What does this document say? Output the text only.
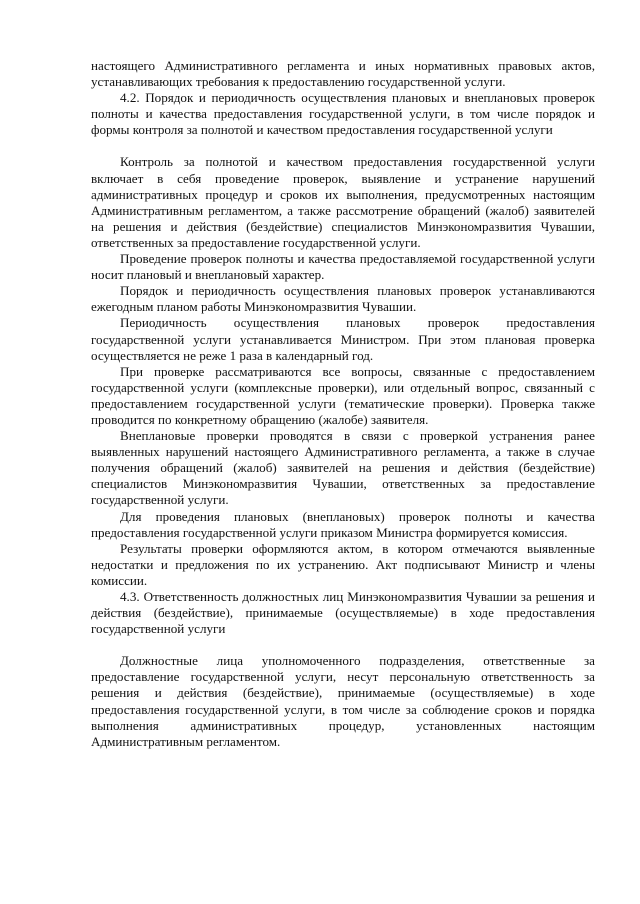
настоящего Административного регламента и иных нормативных правовых актов, устанавливающих требования к предоставлению государственной услуги.

4.2. Порядок и периодичность осуществления плановых и внеплановых проверок полноты и качества предоставления государственной услуги, в том числе порядок и формы контроля за полнотой и качеством предоставления государственной услуги

Контроль за полнотой и качеством предоставления государственной услуги включает в себя проведение проверок, выявление и устранение нарушений административных процедур и сроков их выполнения, предусмотренных настоящим Административным регламентом, а также рассмотрение обращений (жалоб) заявителей на решения и действия (бездействие) специалистов Минэкономразвития Чувашии, ответственных за предоставление государственной услуги.

Проведение проверок полноты и качества предоставляемой государственной услуги носит плановый и внеплановый характер.

Порядок и периодичность осуществления плановых проверок устанавливаются ежегодным планом работы Минэкономразвития Чувашии.

Периодичность осуществления плановых проверок предоставления государственной услуги устанавливается Министром. При этом плановая проверка осуществляется не реже 1 раза в календарный год.

При проверке рассматриваются все вопросы, связанные с предоставлением государственной услуги (комплексные проверки), или отдельный вопрос, связанный с предоставлением государственной услуги (тематические проверки). Проверка также проводится по конкретному обращению (жалобе) заявителя.

Внеплановые проверки проводятся в связи с проверкой устранения ранее выявленных нарушений настоящего Административного регламента, а также в случае получения обращений (жалоб) заявителей на решения и действия (бездействие) специалистов Минэкономразвития Чувашии, ответственных за предоставление государственной услуги.

Для проведения плановых (внеплановых) проверок полноты и качества предоставления государственной услуги приказом Министра формируется комиссия.

Результаты проверки оформляются актом, в котором отмечаются выявленные недостатки и предложения по их устранению. Акт подписывают Министр и члены комиссии.

4.3. Ответственность должностных лиц Минэкономразвития Чувашии за решения и действия (бездействие), принимаемые (осуществляемые) в ходе предоставления государственной услуги

Должностные лица уполномоченного подразделения, ответственные за предоставление государственной услуги, несут персональную ответственность за решения и действия (бездействие), принимаемые (осуществляемые) в ходе предоставления государственной услуги, в том числе за соблюдение сроков и порядка выполнения административных процедур, установленных настоящим Административным регламентом.
